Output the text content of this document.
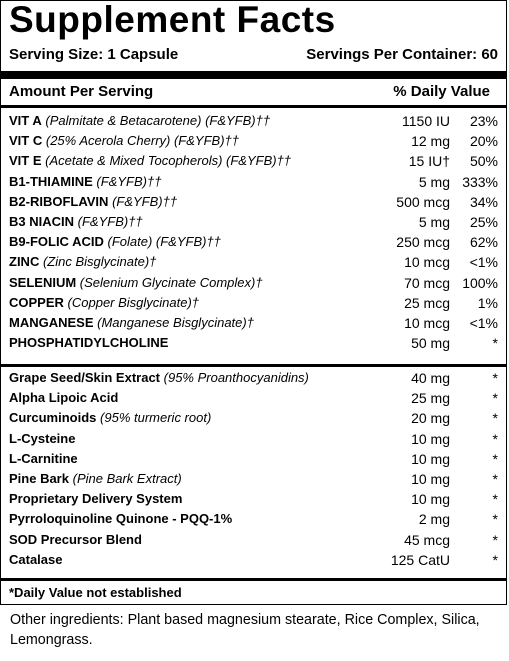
Supplement Facts
Serving Size: 1 Capsule	Servings Per Container: 60
Amount Per Serving	% Daily Value
VIT A (Palmitate & Betacarotene) (F&YFB)††	1150 IU 23%
VIT C (25% Acerola Cherry) (F&YFB)††	12 mg 20%
VIT E (Acetate & Mixed Tocopherols) (F&YFB)††	15 IU† 50%
B1-THIAMINE (F&YFB)††	5 mg 333%
B2-RIBOFLAVIN (F&YFB)††	500 mcg 34%
B3 NIACIN (F&YFB)††	5 mg 25%
B9-FOLIC ACID (Folate) (F&YFB)††	250 mcg 62%
ZINC (Zinc Bisglycinate)†	10 mcg <1%
SELENIUM (Selenium Glycinate Complex)†	70 mcg 100%
COPPER (Copper Bisglycinate)†	25 mcg 1%
MANGANESE (Manganese Bisglycinate)†	10 mcg <1%
PHOSPHATIDYLCHOLINE	50 mg	*
Grape Seed/Skin Extract (95% Proanthocyanidins)	40 mg	*
Alpha Lipoic Acid	25 mg	*
Curcuminoids (95% turmeric root)	20 mg	*
L-Cysteine	10 mg	*
L-Carnitine	10 mg	*
Pine Bark (Pine Bark Extract)	10 mg	*
Proprietary Delivery System	10 mg	*
Pyrroloquinoline Quinone - PQQ-1%	2 mg	*
SOD Precursor Blend	45 mcg	*
Catalase	125 CatU	*
*Daily Value not established
Other ingredients: Plant based magnesium stearate, Rice Complex, Silica, Lemongrass.
